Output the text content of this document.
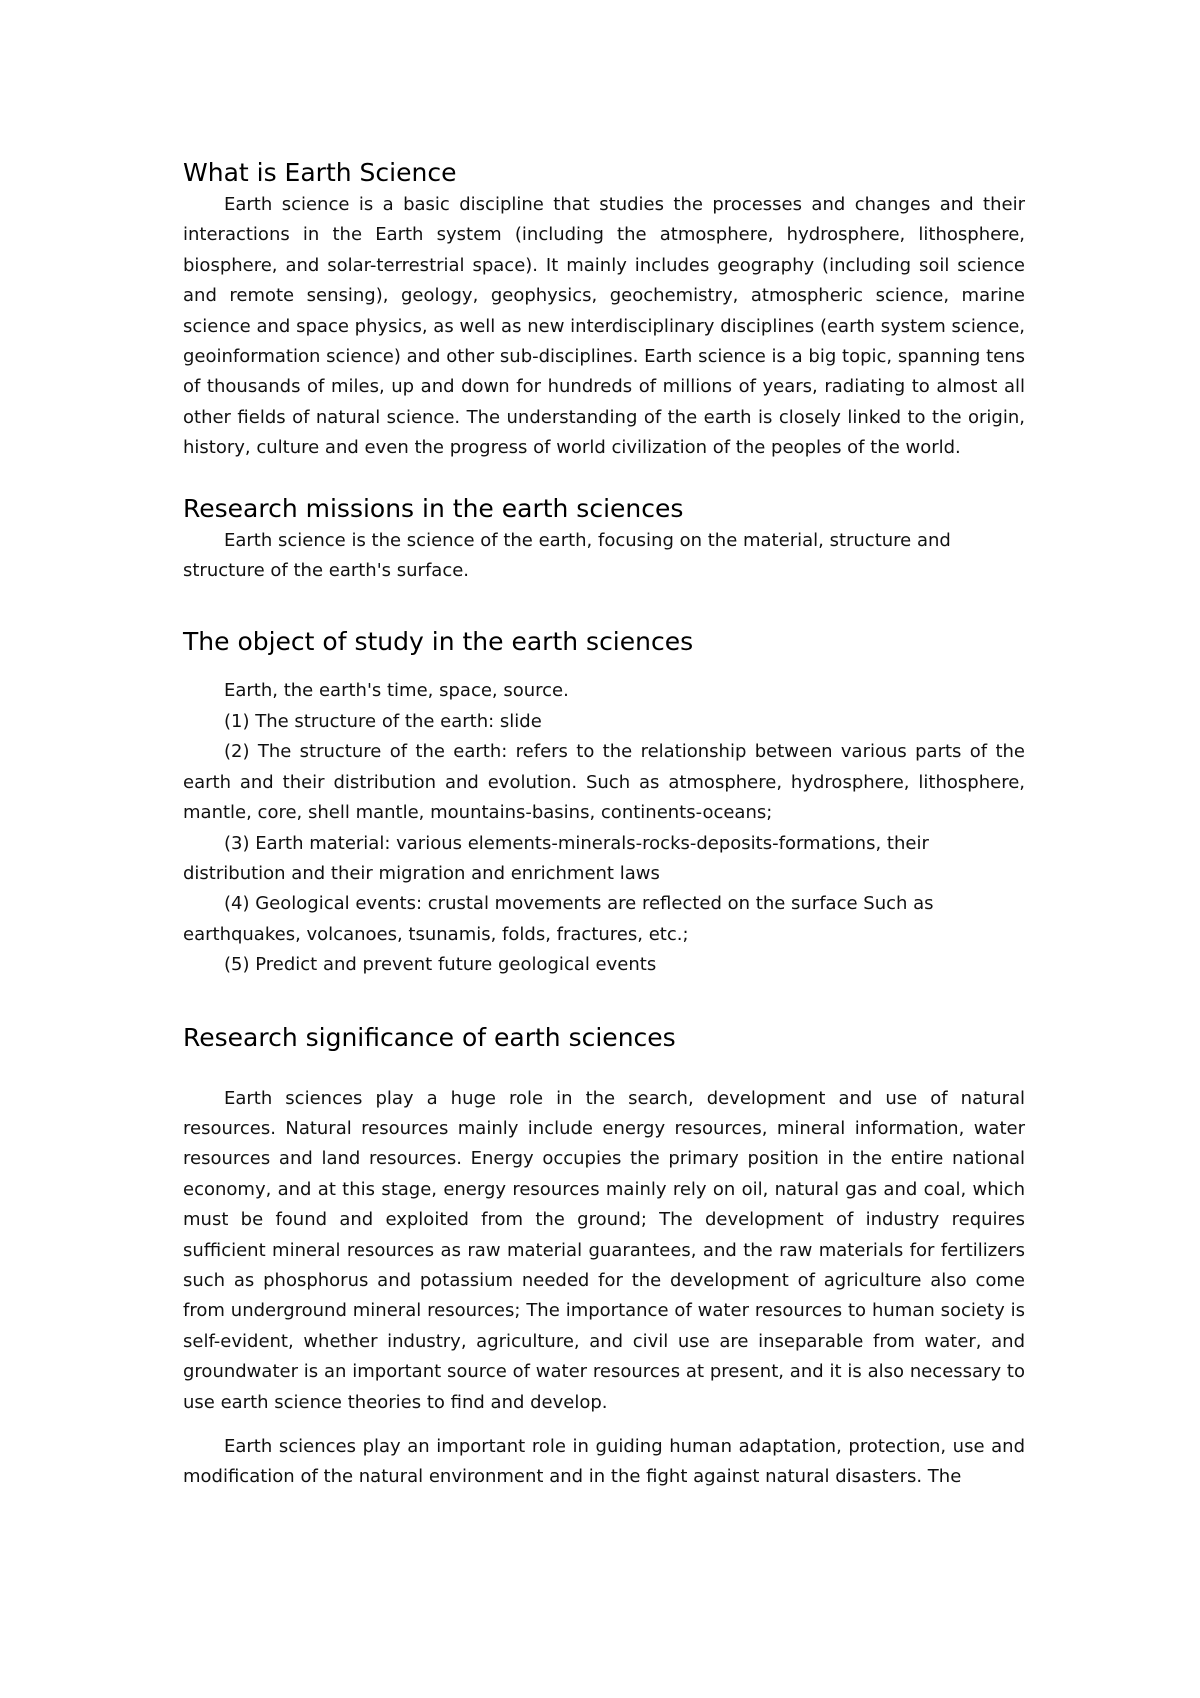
What is Earth Science

Earth science is a basic discipline that studies the processes and changes and their interactions in the Earth system (including the atmosphere, hydrosphere, lithosphere, biosphere, and solar-terrestrial space). It mainly includes geography (including soil science and remote sensing), geology, geophysics, geochemistry, atmospheric science, marine science and space physics, as well as new interdisciplinary disciplines (earth system science, geoinformation science) and other sub-disciplines. Earth science is a big topic, spanning tens of thousands of miles, up and down for hundreds of millions of years, radiating to almost all other fields of natural science. The understanding of the earth is closely linked to the origin, history, culture and even the progress of world civilization of the peoples of the world.

Research missions in the earth sciences

Earth science is the science of the earth, focusing on the material, structure and structure of the earth's surface.

The object of study in the earth sciences

Earth, the earth's time, space, source.

(1) The structure of the earth: slide

(2) The structure of the earth: refers to the relationship between various parts of the earth and their distribution and evolution. Such as atmosphere, hydrosphere, lithosphere, mantle, core, shell mantle, mountains-basins, continents-oceans;

(3) Earth material: various elements-minerals-rocks-deposits-formations, their distribution and their migration and enrichment laws

(4) Geological events: crustal movements are reflected on the surface Such as earthquakes, volcanoes, tsunamis, folds, fractures, etc.;

(5) Predict and prevent future geological events

Research significance of earth sciences

Earth sciences play a huge role in the search, development and use of natural resources. Natural resources mainly include energy resources, mineral information, water resources and land resources. Energy occupies the primary position in the entire national economy, and at this stage, energy resources mainly rely on oil, natural gas and coal, which must be found and exploited from the ground; The development of industry requires sufficient mineral resources as raw material guarantees, and the raw materials for fertilizers such as phosphorus and potassium needed for the development of agriculture also come from underground mineral resources; The importance of water resources to human society is self-evident, whether industry, agriculture, and civil use are inseparable from water, and groundwater is an important source of water resources at present, and it is also necessary to use earth science theories to find and develop.

Earth sciences play an important role in guiding human adaptation, protection, use and modification of the natural environment and in the fight against natural disasters. The
